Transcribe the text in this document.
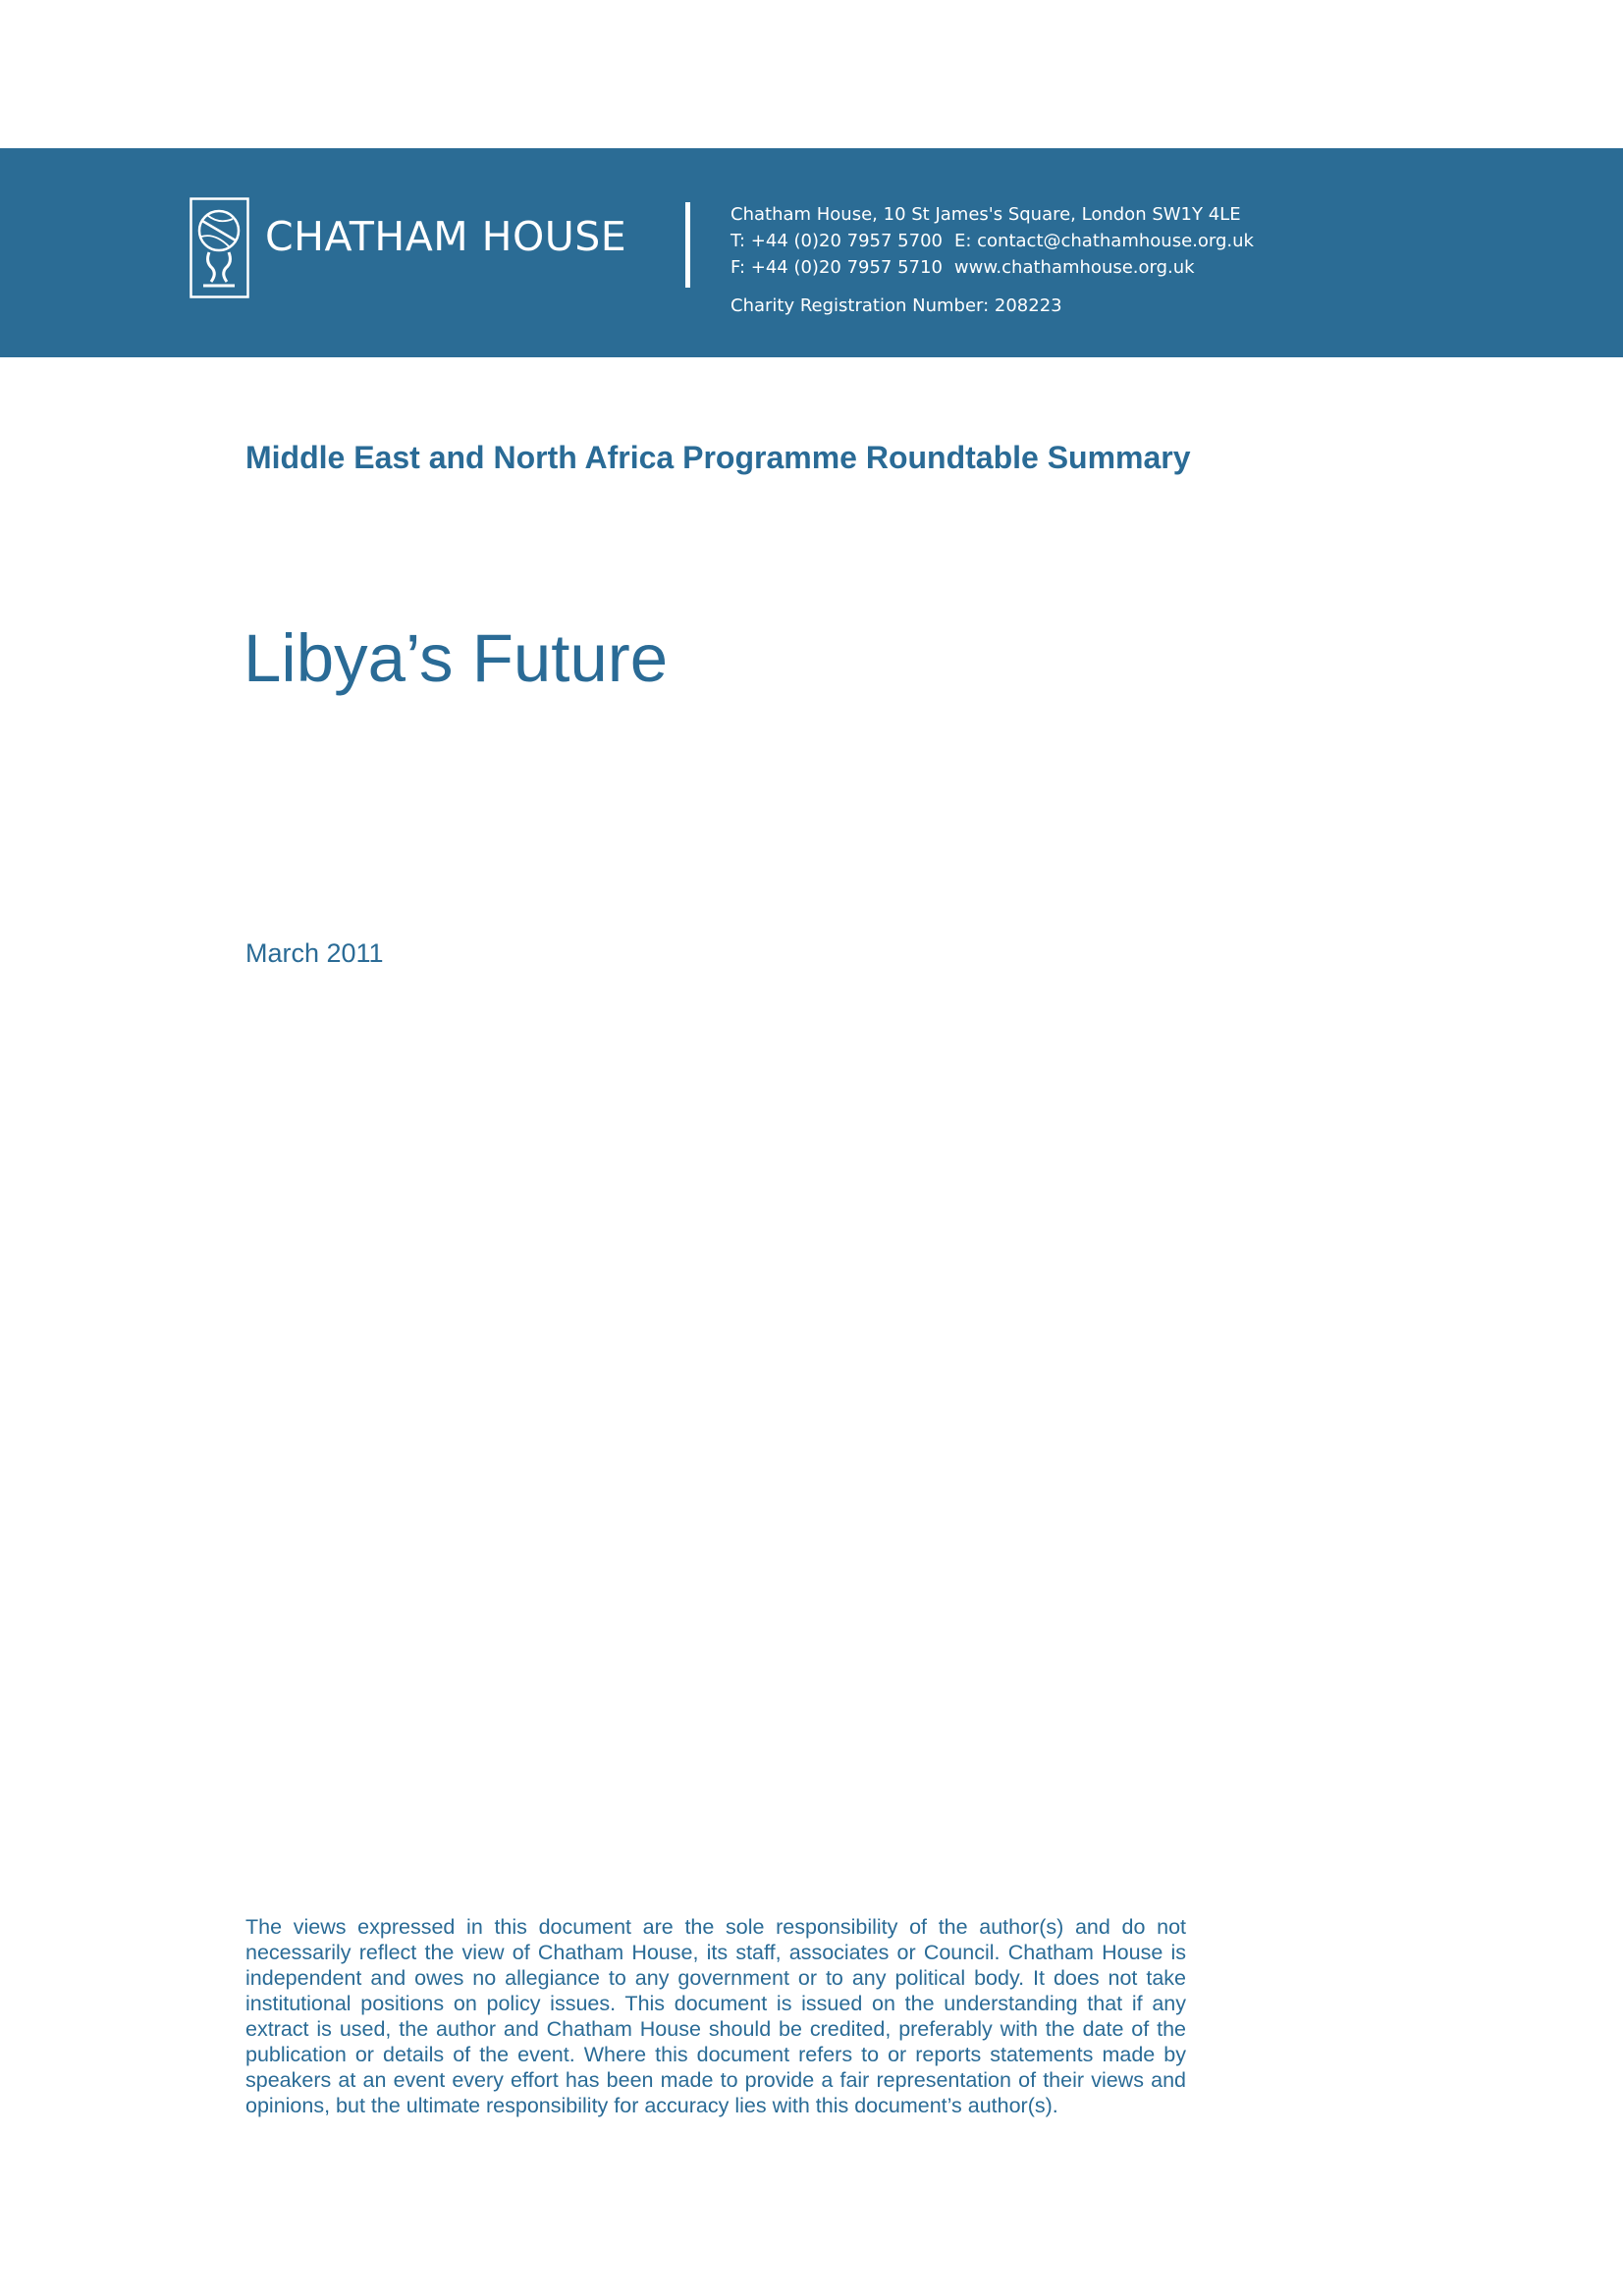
CHATHAM HOUSE	Chatham House, 10 St James's Square, London SW1Y 4LE
T: +44 (0)20 7957 5700 E: contact@chathamhouse.org.uk
F: +44 (0)20 7957 5710 www.chathamhouse.org.uk
Charity Registration Number: 208223
Middle East and North Africa Programme Roundtable Summary
Libya’s Future
March 2011

The views expressed in this document are the sole responsibility of the author(s) and do not necessarily reflect the view of Chatham House, its staff, associates or Council. Chatham House is independent and owes no allegiance to any government or to any political body. It does not take institutional positions on policy issues. This document is issued on the understanding that if any extract is used, the author and Chatham House should be credited, preferably with the date of the publication or details of the event. Where this document refers to or reports statements made by speakers at an event every effort has been made to provide a fair representation of their views and opinions, but the ultimate responsibility for accuracy lies with this document’s author(s).
